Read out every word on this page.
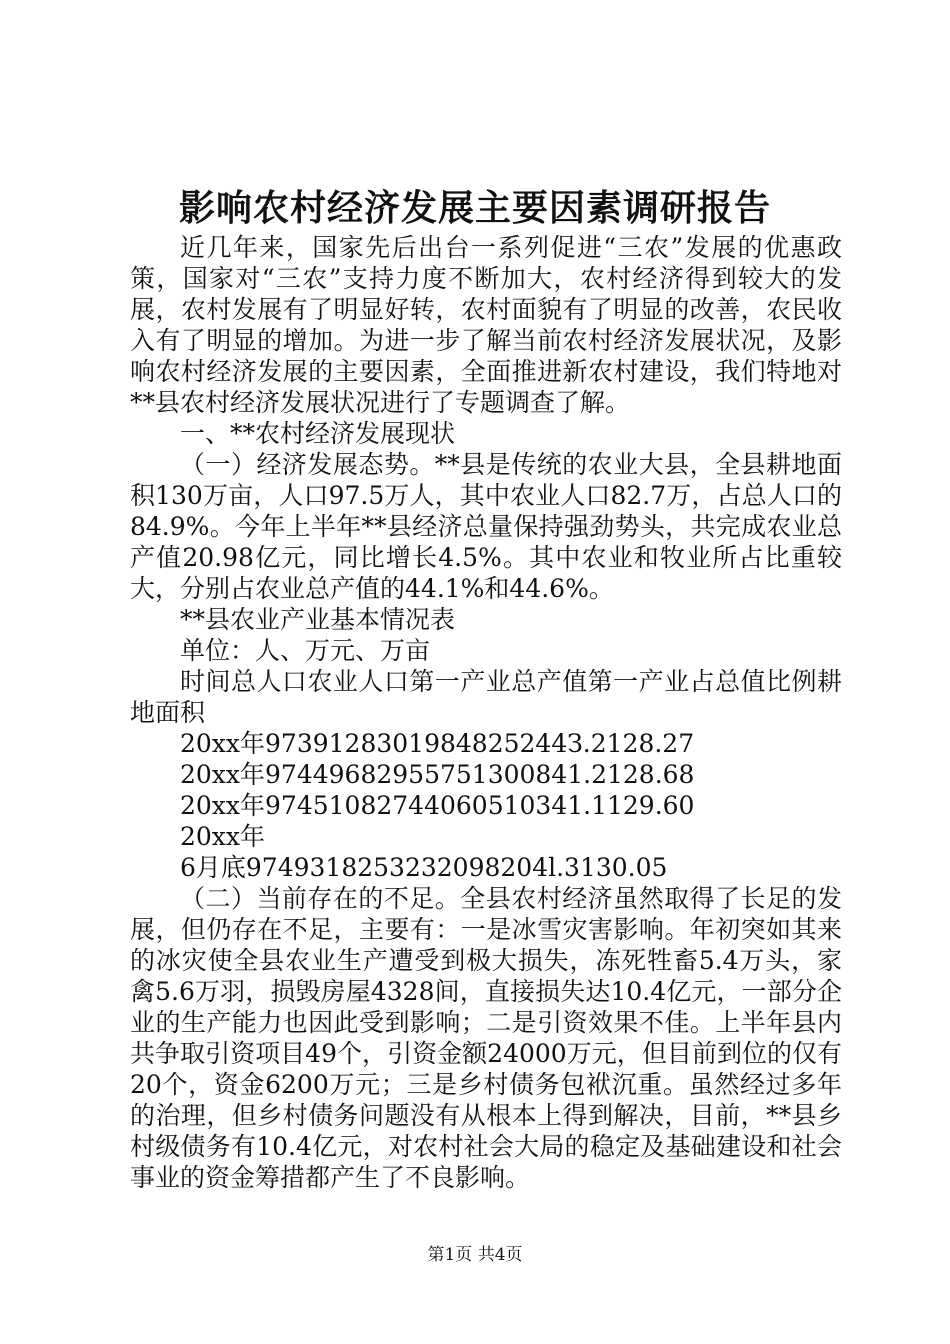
影响农村经济发展主要因素调研报告

近几年来，国家先后出台一系列促进“三农”发展的优惠政策，国家对“三农”支持力度不断加大，农村经济得到较大的发展，农村发展有了明显好转，农村面貌有了明显的改善，农民收入有了明显的增加。为进一步了解当前农村经济发展状况，及影响农村经济发展的主要因素，全面推进新农村建设，我们特地对**县农村经济发展状况进行了专题调查了解。

一、**农村经济发展现状

（一）经济发展态势。**县是传统的农业大县，全县耕地面积130万亩，人口97.5万人，其中农业人口82.7万，占总人口的84.9%。今年上半年**县经济总量保持强劲势头，共完成农业总产值20.98亿元，同比增长4.5%。其中农业和牧业所占比重较大，分别占农业总产值的44.1%和44.6%。

**县农业产业基本情况表

单位：人、万元、万亩

时间总人口农业人口第一产业总产值第一产业占总值比例耕地面积

20xx年9739128301984825244З.2128.27

20xx年97449682955751300841.2128.68

20xx年97451082744060510341.1129.60

20xx年

6月底9749318253232098204l.3130.05

（二）当前存在的不足。全县农村经济虽然取得了长足的发展，但仍存在不足，主要有：一是冰雪灾害影响。年初突如其来的冰灾使全县农业生产遭受到极大损失，冻死牲畜5.4万头，家禽5.6万羽，损毁房屋4328间，直接损失达10.4亿元，一部分企业的生产能力也因此受到影响；二是引资效果不佳。上半年县内共争取引资项目49个，引资金额24000万元，但目前到位的仅有20个，资金6200万元；三是乡村债务包袱沉重。虽然经过多年的治理，但乡村债务问题没有从根本上得到解决，目前，**县乡村级债务有10.4亿元，对农村社会大局的稳定及基础建设和社会事业的资金筹措都产生了不良影响。

第1页 共4页
